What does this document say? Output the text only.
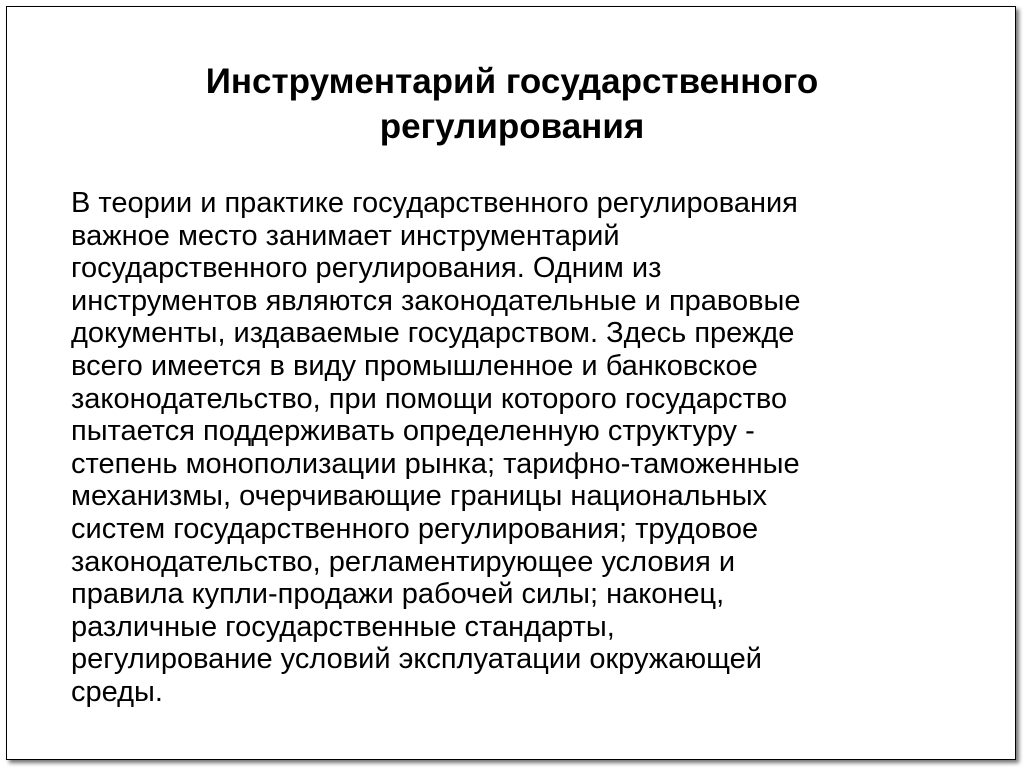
Инструментарий государственного
регулирования

В теории и практике государственного регулирования
важное место занимает инструментарий
государственного регулирования. Одним из
инструментов являются законодательные и правовые
документы, издаваемые государством. Здесь прежде
всего имеется в виду промышленное и банковское
законодательство, при помощи которого государство
пытается поддерживать определенную структуру -
степень монополизации рынка; тарифно-таможенные
механизмы, очерчивающие границы национальных
систем государственного регулирования; трудовое
законодательство, регламентирующее условия и
правила купли-продажи рабочей силы; наконец,
различные государственные стандарты,
регулирование условий эксплуатации окружающей
среды.
